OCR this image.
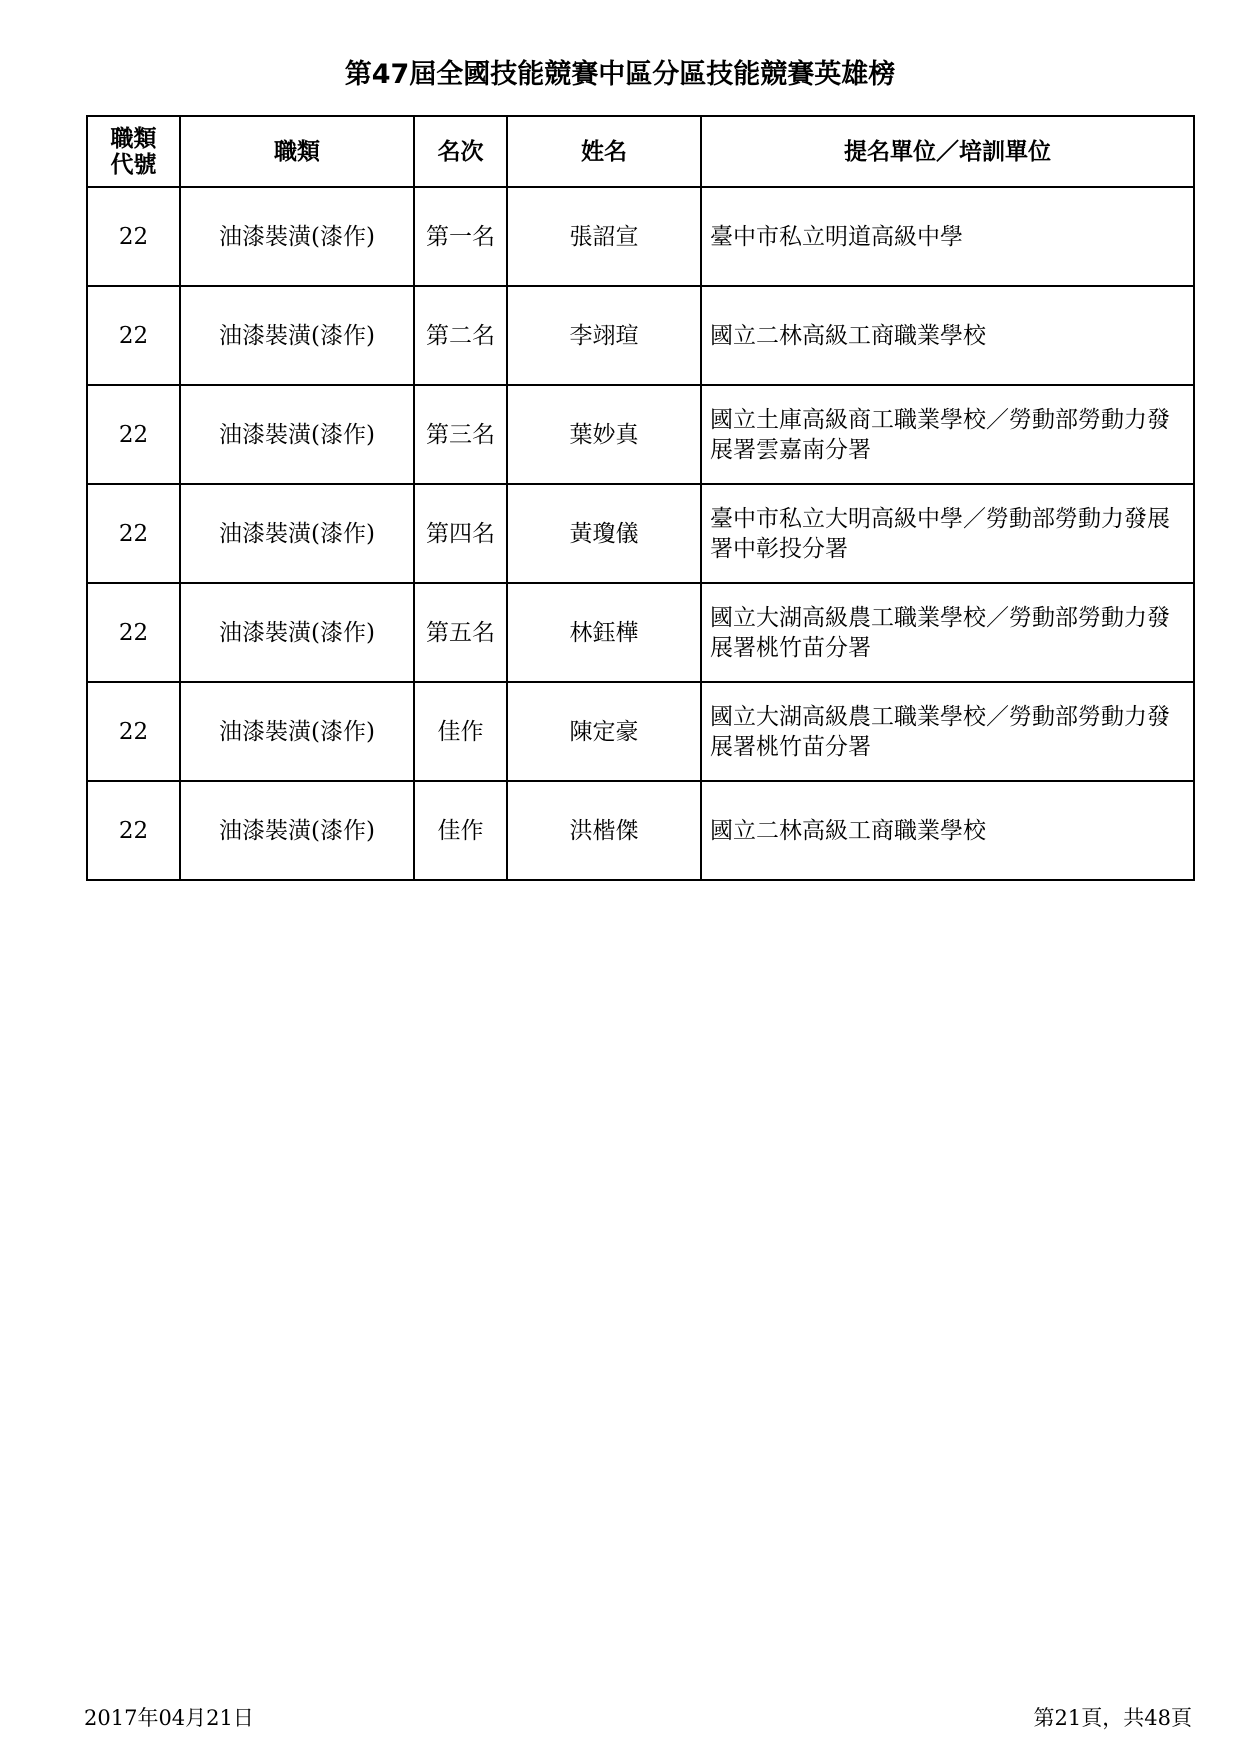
第47屆全國技能競賽中區分區技能競賽英雄榜
職類
代號	職類	名次	姓名	提名單位／培訓單位
22	油漆裝潢(漆作)	第一名	張詔宣	臺中市私立明道高級中學
22	油漆裝潢(漆作)	第二名	李翊瑄	國立二林高級工商職業學校
22	油漆裝潢(漆作)	第三名	葉妙真	國立土庫高級商工職業學校／勞動部勞動力發展署雲嘉南分署
22	油漆裝潢(漆作)	第四名	黃瓊儀	臺中市私立大明高級中學／勞動部勞動力發展署中彰投分署
22	油漆裝潢(漆作)	第五名	林鈺樺	國立大湖高級農工職業學校／勞動部勞動力發展署桃竹苗分署
22	油漆裝潢(漆作)	佳作	陳定豪	國立大湖高級農工職業學校／勞動部勞動力發展署桃竹苗分署
22	油漆裝潢(漆作)	佳作	洪楷傑	國立二林高級工商職業學校
2017年04月21日	第21頁，共48頁
